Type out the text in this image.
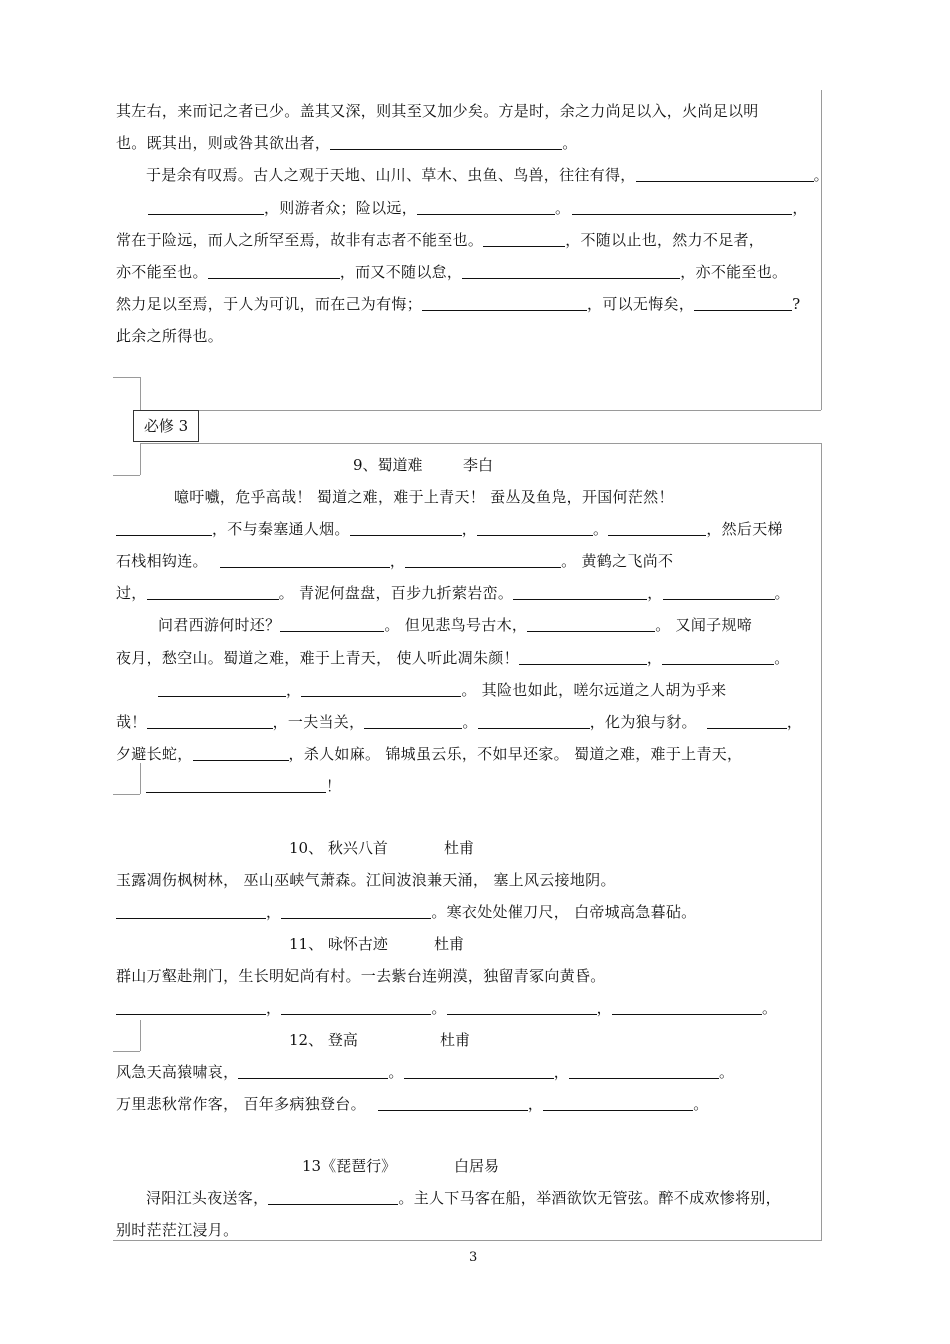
其左右，来而记之者已少。盖其又深，则其至又加少矣。方是时，余之力尚足以入，火尚足以明
也。既其出，则或咎其欲出者，	。
于是余有叹焉。古人之观于天地、山川、草木、虫鱼、鸟兽，往往有得，	。
，则游者众；险以远，	。	，
常在于险远，而人之所罕至焉，故非有志者不能至也。	，不随以止也，然力不足者，
亦不能至也。	，而又不随以怠，	，亦不能至也。
然力足以至焉，于人为可讥，而在己为有悔；	，可以无悔矣，	?
此余之所得也。
必修 3
9、蜀道难	李白
噫吁嚱，危乎高哉！ 蜀道之难，难于上青天！ 蚕丛及鱼凫，开国何茫然！
，不与秦塞通人烟。	，	。	，然后天梯
石栈相钩连。	，	。 黄鹤之飞尚不
过，	。 青泥何盘盘，百步九折萦岩峦。	，	。
问君西游何时还？	。 但见悲鸟号古木，	。 又闻子规啼
夜月，愁空山。蜀道之难，难于上青天， 使人听此凋朱颜！	，	。
，	。 其险也如此，嗟尔远道之人胡为乎来
哉！	，一夫当关，	。	，化为狼与豺。	，
夕避长蛇，	，杀人如麻。 锦城虽云乐，不如早还家。 蜀道之难，难于上青天，
！
10、 秋兴八首	杜甫
玉露凋伤枫树林， 巫山巫峡气萧森。江间波浪兼天涌， 塞上风云接地阴。
，	。寒衣处处催刀尺， 白帝城高急暮砧。
11、 咏怀古迹	杜甫
群山万壑赴荆门，生长明妃尚有村。一去紫台连朔漠，独留青冢向黄昏。
，	。	，	。
12、 登高	杜甫
风急天高猿啸哀，	。	，	。
万里悲秋常作客， 百年多病独登台。	，	。
13《琵琶行》	白居易
浔阳江头夜送客，	。主人下马客在船，举酒欲饮无管弦。醉不成欢惨将别，
别时茫茫江浸月。
3
